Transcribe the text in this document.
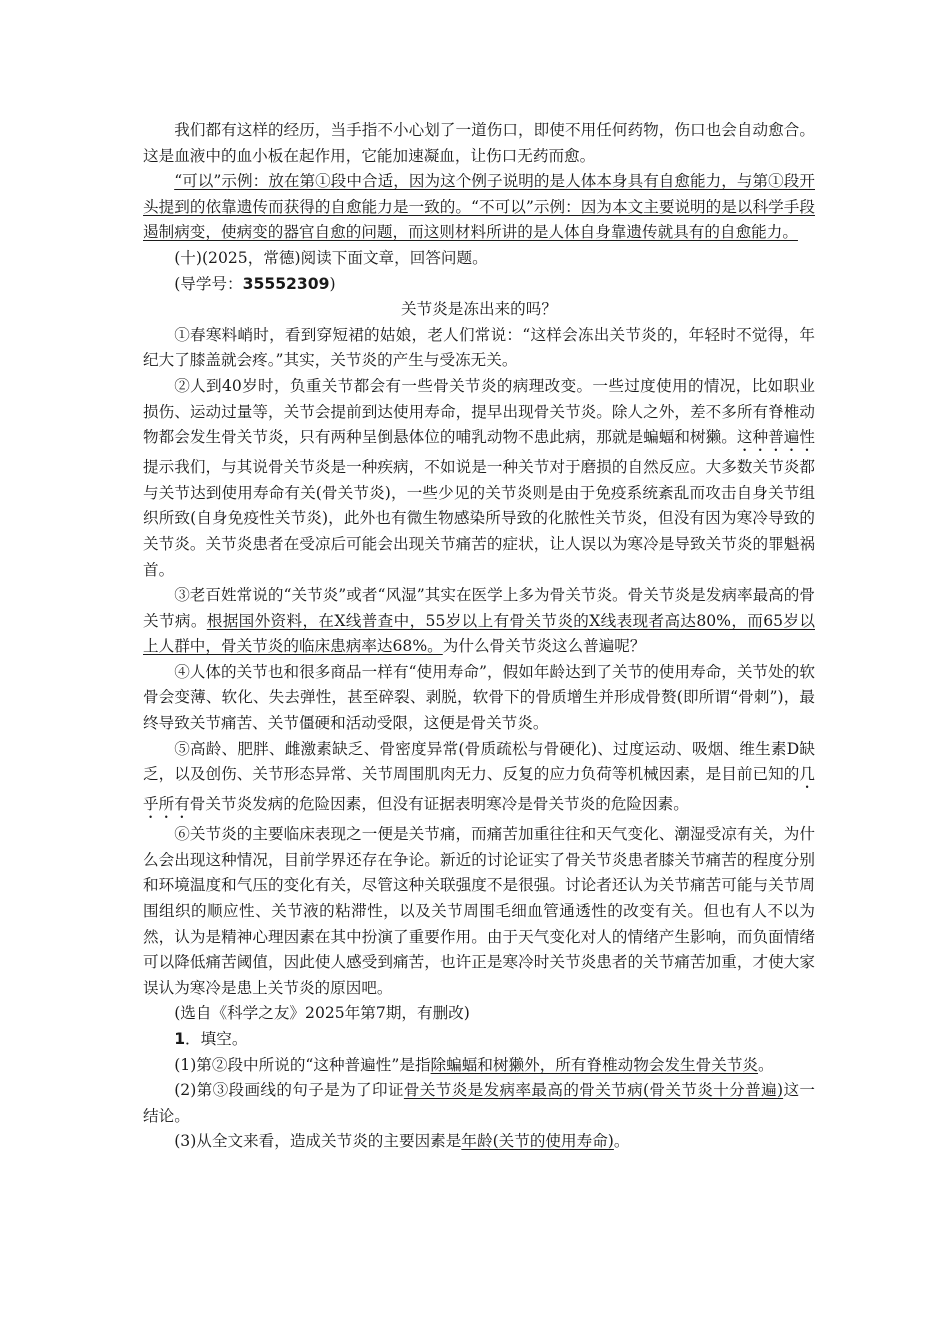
我们都有这样的经历，当手指不小心划了一道伤口，即使不用任何药物，伤口也会自动愈合。这是血液中的血小板在起作用，它能加速凝血，让伤口无药而愈。

“可以”示例：放在第①段中合适，因为这个例子说明的是人体本身具有自愈能力，与第①段开头提到的依靠遗传而获得的自愈能力是一致的。“不可以”示例：因为本文主要说明的是以科学手段遏制病变，使病变的器官自愈的问题，而这则材料所讲的是人体自身靠遗传就具有的自愈能力。

(十)(2025，常德)阅读下面文章，回答问题。

(导学号：35552309)

关节炎是冻出来的吗？

①春寒料峭时，看到穿短裙的姑娘，老人们常说：“这样会冻出关节炎的，年轻时不觉得，年纪大了膝盖就会疼。”其实，关节炎的产生与受冻无关。

②人到40岁时，负重关节都会有一些骨关节炎的病理改变。一些过度使用的情况，比如职业损伤、运动过量等，关节会提前到达使用寿命，提早出现骨关节炎。除人之外，差不多所有脊椎动物都会发生骨关节炎，只有两种呈倒悬体位的哺乳动物不患此病，那就是蝙蝠和树獭。这种普遍性提示我们，与其说骨关节炎是一种疾病，不如说是一种关节对于磨损的自然反应。大多数关节炎都与关节达到使用寿命有关(骨关节炎)，一些少见的关节炎则是由于免疫系统紊乱而攻击自身关节组织所致(自身免疫性关节炎)，此外也有微生物感染所导致的化脓性关节炎，但没有因为寒冷导致的关节炎。关节炎患者在受凉后可能会出现关节痛苦的症状，让人误以为寒冷是导致关节炎的罪魁祸首。

③老百姓常说的“关节炎”或者“风湿”其实在医学上多为骨关节炎。骨关节炎是发病率最高的骨关节病。根据国外资料，在X线普查中，55岁以上有骨关节炎的X线表现者高达80%，而65岁以上人群中，骨关节炎的临床患病率达68%。为什么骨关节炎这么普遍呢？

④人体的关节也和很多商品一样有“使用寿命”，假如年龄达到了关节的使用寿命，关节处的软骨会变薄、软化、失去弹性，甚至碎裂、剥脱，软骨下的骨质增生并形成骨赘(即所谓“骨刺”)，最终导致关节痛苦、关节僵硬和活动受限，这便是骨关节炎。

⑤高龄、肥胖、雌激素缺乏、骨密度异常(骨质疏松与骨硬化)、过度运动、吸烟、维生素D缺乏，以及创伤、关节形态异常、关节周围肌肉无力、反复的应力负荷等机械因素，是目前已知的几乎所有骨关节炎发病的危险因素，但没有证据表明寒冷是骨关节炎的危险因素。

⑥关节炎的主要临床表现之一便是关节痛，而痛苦加重往往和天气变化、潮湿受凉有关，为什么会出现这种情况，目前学界还存在争论。新近的讨论证实了骨关节炎患者膝关节痛苦的程度分别和环境温度和气压的变化有关，尽管这种关联强度不是很强。讨论者还认为关节痛苦可能与关节周围组织的顺应性、关节液的粘滞性，以及关节周围毛细血管通透性的改变有关。但也有人不以为然，认为是精神心理因素在其中扮演了重要作用。由于天气变化对人的情绪产生影响，而负面情绪可以降低痛苦阈值，因此使人感受到痛苦，也许正是寒冷时关节炎患者的关节痛苦加重，才使大家误认为寒冷是患上关节炎的原因吧。

(选自《科学之友》2025年第7期，有删改)

1．填空。

(1)第②段中所说的“这种普遍性”是指除蝙蝠和树獭外，所有脊椎动物会发生骨关节炎。

(2)第③段画线的句子是为了印证骨关节炎是发病率最高的骨关节病(骨关节炎十分普遍)这一结论。

(3)从全文来看，造成关节炎的主要因素是年龄(关节的使用寿命)。
